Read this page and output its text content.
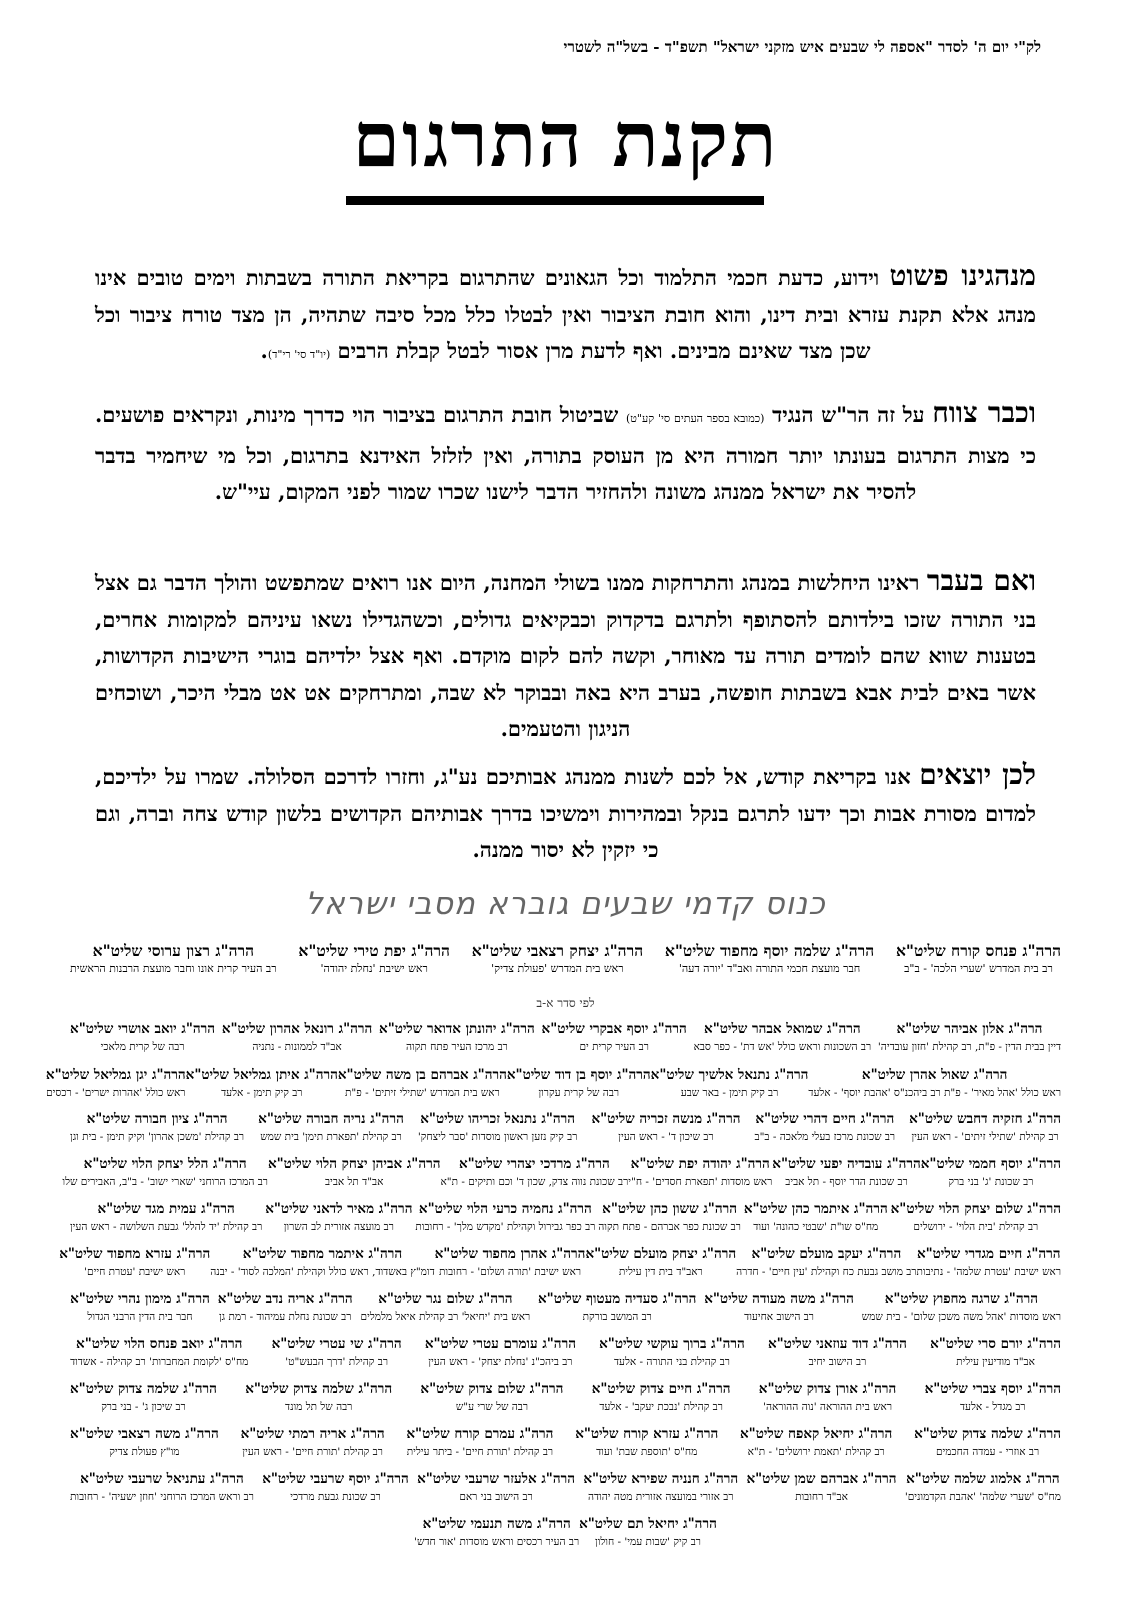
לק"י יום ה' לסדר "אספה לי שבעים איש מזקני ישראל" תשפ"ד - בשל"ה לשטרי
תקנת התרגום
מנהגינו פשוט וידוע, כדעת חכמי התלמוד וכל הגאונים שהתרגום בקריאת התורה בשבתות וימים טובים אינו מנהג אלא תקנת עזרא ובית דינו, והוא חובת הציבור ואין לבטלו כלל מכל סיבה שתהיה, הן מצד טורח ציבור וכל שכן מצד שאינם מבינים. ואף לדעת מרן אסור לבטל קבלת הרבים (יו"ד סי' רי"ד).
וכבר צווח על זה הר"ש הנגיד (כמובא בספר העתים סי' קע"ט) שביטול חובת התרגום בציבור הוי כדרך מינות, ונקראים פושעים. כי מצות התרגום בעונתו יותר חמורה היא מן העוסק בתורה, ואין לזלזל האידנא בתרגום, וכל מי שיחמיר בדבר להסיר את ישראל ממנהג משונה ולהחזיר הדבר לישנו שכרו שמור לפני המקום, עיי"ש.
ואם בעבר ראינו היחלשות במנהג והתרחקות ממנו בשולי המחנה, היום אנו רואים שמתפשט והולך הדבר גם אצל בני התורה שזכו בילדותם להסתופף ולתרגם בדקדוק וכבקיאים גדולים, וכשהגדילו נשאו עיניהם למקומות אחרים, בטענות שווא שהם לומדים תורה עד מאוחר, וקשה להם לקום מוקדם. ואף אצל ילדיהם בוגרי הישיבות הקדושות, אשר באים לבית אבא בשבתות חופשה, בערב היא באה ובבוקר לא שבה, ומתרחקים אט אט מבלי היכר, ושוכחים הניגון והטעמים.
לכן יוצאים אנו בקריאת קודש, אל לכם לשנות ממנהג אבותיכם נע"ג, וחזרו לדרכם הסלולה. שמרו על ילדיכם, למדום מסורת אבות וכך ידעו לתרגם בנקל ובמהירות וימשיכו בדרך אבותיהם הקדושים בלשון קודש צחה וברה, וגם כי יזקין לא יסור ממנה.
כנוס קדמי שבעים גוברא מסבי ישראל
לפי סדר א-ב
הרה"ג פנחס קורח שליט"א
רב בית המדרש 'שערי הלכה' - ב"ב
הרה"ג שלמה יוסף מחפוד שליט"א
חבר מועצת חכמי התורה ואב"ד 'יורה דעה'
הרה"ג יצחק רצאבי שליט"א
ראש בית המדרש 'פעולת צדיק'
הרה"ג יפת טירי שליט"א
ראש ישיבת 'נחלת יהודה'
הרה"ג רצון ערוסי שליט"א
רב העיר קרית אונו וחבר מועצת הרבנות הראשית
הרה"ג אלון אביהר שליט"א
דיין בבית הדין - פ"ת, רב קהילת 'חזון עובדיה'
הרה"ג שמואל אבהר שליט"א
רב השכונות וראש כולל 'אש דת' - כפר סבא
הרה"ג יוסף אבקרי שליט"א
רב העיר קרית ים
הרה"ג יהונתן אדואר שליט"א
רב מרכז העיר פתח תקוה
הרה"ג רונאל אהרון שליט"א
אב"ד לממונות - נתניה
הרה"ג יואב אושרי שליט"א
רבה של קרית מלאכי
הרה"ג שאול אהרן שליט"א
ראש כולל 'אהל מאיר' - פ"ת רב ביהכנ"ס 'אהבת יוסף' - אלעד
הרה"ג נתנאל אלשיך שליט"א
רב קיק תימן - באר שבע
הרה"ג יוסף בן דוד שליט"א
רבה של קרית עקרון
הרה"ג אברהם בן משה שליט"א
ראש בית המדרש 'שתילי זיתים' - פ"ת
הרה"ג איתן גמליאל שליט"א
רב קיק תימן - אלעד
הרה"ג יגן גמליאל שליט"א
ראש כולל 'אהרות ישרים' - רכסים
הרה"ג חזקיה דחבש שליט"א
רב קהילת 'שתילי זיתים' - ראש העין
הרה"ג חיים דהרי שליט"א
רב שכונת מרכז בעלי מלאכה - ב"ב
הרה"ג מנשה זכריה שליט"א
רב שיכון ד' - ראש העין
הרה"ג נתנאל זכריהו שליט"א
רב קיק נזען ראשון מוסדות 'סבר ליצחק'
הרה"ג נריה חבורה שליט"א
רב קהילת 'תפארת תימן' בית שמש
הרה"ג ציון חבורה שליט"א
רב קהילת 'משכן אהרון' וקיק תימן - בית וגן
הרה"ג יוסף חממי שליט"א
רב שכונת 'ג' בני ברק
הרה"ג עובדיה יפעי שליט"א
רב שכונת הדר יוסף - תל אביב
הרה"ג יהודה יפת שליט"א
ראש מוסדות 'תפארת חסדים' - ח"י
הרה"ג מרדכי יצהרי שליט"א
רב שכונת נווה צדק, שכון ד' וכם ותיקים - ת"א
הרה"ג אביהן יצחק הלוי שליט"א
אב"ד תל אביב
הרה"ג הלל יצחק הלוי שליט"א
רב המרכז הרוחני 'שארי ישוב' - ב"ב, האבירים שלו
הרה"ג שלום יצחק הלוי שליט"א
רב קהילת 'בית הלוי' - ירושלים
הרה"ג איתמר כהן שליט"א
מח"ס שו"ת 'שבטי כהונה' ועוד
הרה"ג ששון כהן שליט"א
רב שכונת כפר אברהם - פתח תקוה
הרה"ג נחמיה כרעי הלוי שליט"א
רב כפר גבירול וקהילת 'מקדש מלך' - רחובות
הרה"ג מאיר לדאני שליט"א
רב מועצה אזורית לב השרון
הרה"ג עמית מגד שליט"א
רב קהילת 'יד להלל' גבעת השלושה - ראש העין
הרה"ג חיים מגדרי שליט"א
ראש ישיבת 'עטרת שלמה' - נתיבות
הרה"ג יעקב מועלם שליט"א
רב מושב גבעת כח וקהילת 'עין חיים' - חדרה
הרה"ג יצחק מועלם שליט"א
ראב"ד בית דין עילית
הרה"ג אהרן מחפוד שליט"א
ראש ישיבת 'תורה ושלום' - רחובות
הרה"ג איתמר מחפוד שליט"א
דומ"ץ באשדוד, ראש כולל וקהילת 'המלכה לסוד' - יבנה
הרה"ג עזרא מחפוד שליט"א
ראש ישיבת 'עטרת חיים'
הרה"ג שרגה מחפוץ שליט"א
ראש מוסדות 'אהל משה משכן שלום' - בית שמש
הרה"ג משה מעודה שליט"א
רב הישוב אחיעוד
הרה"ג סעדיה מעטוף שליט"א
רב המושב בורקת
הרה"ג שלום נגר שליט"א
ראש בית 'יחיאל' רב קהילת איאל מלמלים
הרה"ג אריה נדב שליט"א
רב שכונת נחלת עמיהוד - רמת גן
הרה"ג מימון נהרי שליט"א
חבר בית הדין הרבני הגדול
הרה"ג יורם סרי שליט"א
אב"ד מודיעין עילית
הרה"ג דוד עוזאני שליט"א
רב הישוב יחיב
הרה"ג ברוך עוקשי שליט"א
רב קהילת בני התורה - אלעד
הרה"ג עומרם עטרי שליט"א
רב ביהכ"נ 'נחלת יצחק' - ראש העין
הרה"ג שי עטרי שליט"א
רב קהילת 'דרך הבעש"ט'
הרה"ג יואב פנחס הלוי שליט"א
מח"ס 'לקומת המחברות' רב קהילה - אשדוד
הרה"ג יוסף צברי שליט"א
רב מגדל - אלעד
הרה"ג אורן צדוק שליט"א
ראש בית ההוראה 'נוה ההוראה'
הרה"ג חיים צדוק שליט"א
רב קהילת 'נבכת יעקב' - אלעד
הרה"ג שלום צדוק שליט"א
רבה של שרי ע"ש
הרה"ג שלמה צדוק שליט"א
רבה של תל מונד
הרה"ג שלמה צדוק שליט"א
רב שיכון ג' - בני ברק
הרה"ג שלמה צדוק שליט"א
רב אוזרי - עמדה החכמים
הרה"ג יחיאל קאפח שליט"א
רב קהילת 'תאמת ירושלים' - ת"א
הרה"ג עזרא קורח שליט"א
מח"ס 'תוספת שבת' ועוד
הרה"ג עמרם קורח שליט"א
רב קהילת 'תורת חיים' - ביתר עילית
הרה"ג אריה רמתי שליט"א
רב קהילת 'תורת חיים' - ראש העין
הרה"ג משה רצאבי שליט"א
מו"ץ פעולת צדיק
הרה"ג אלמוג שלמה שליט"א
מח"ס 'שערי שלמה' 'אהבת הקדמונים'
הרה"ג אברהם שמן שליט"א
אב"ד רחובות
הרה"ג חנניה שפירא שליט"א
רב אזורי במועצה אזורית מטה יהודה
הרה"ג אלעזר שרעבי שליט"א
רב הישוב בני ראם
הרה"ג יוסף שרעבי שליט"א
רב שכונת גבעת מרדכי
הרה"ג עתניאל שרעבי שליט"א
רב וראש המרכז הרוחני 'חוזן ישעיה' - רחובות
הרה"ג יחיאל תם שליט"א
רב קיק 'שבות עמי' - חולון
הרה"ג משה תנעמי שליט"א
רב העיר רכסים וראש מוסדות 'אור חדש'
